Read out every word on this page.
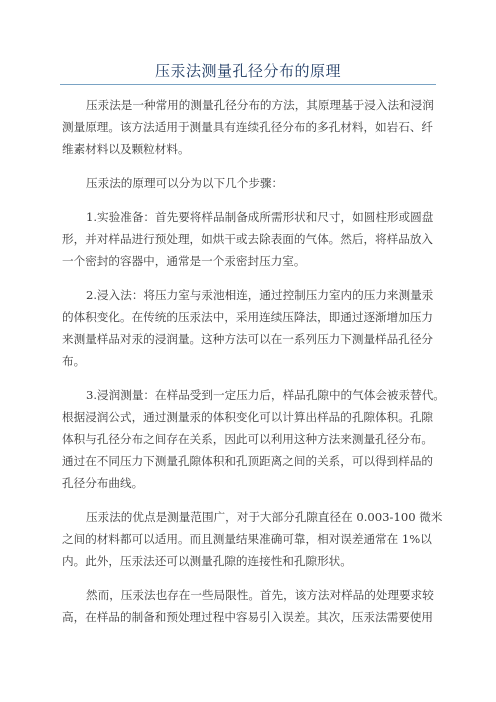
压汞法测量孔径分布的原理
压汞法是一种常用的测量孔径分布的方法，其原理基于浸入法和浸润
测量原理。该方法适用于测量具有连续孔径分布的多孔材料，如岩石、纤
维素材料以及颗粒材料。
压汞法的原理可以分为以下几个步骤：
1.实验准备：首先要将样品制备成所需形状和尺寸，如圆柱形或圆盘
形，并对样品进行预处理，如烘干或去除表面的气体。然后，将样品放入
一个密封的容器中，通常是一个汞密封压力室。
2.浸入法：将压力室与汞池相连，通过控制压力室内的压力来测量汞
的体积变化。在传统的压汞法中，采用连续压降法，即通过逐渐增加压力
来测量样品对汞的浸润量。这种方法可以在一系列压力下测量样品孔径分
布。
3.浸润测量：在样品受到一定压力后，样品孔隙中的气体会被汞替代。
根据浸润公式，通过测量汞的体积变化可以计算出样品的孔隙体积。孔隙
体积与孔径分布之间存在关系，因此可以利用这种方法来测量孔径分布。
通过在不同压力下测量孔隙体积和孔顶距离之间的关系，可以得到样品的
孔径分布曲线。
压汞法的优点是测量范围广，对于大部分孔隙直径在 0.003-100 微米
之间的材料都可以适用。而且测量结果准确可靠，相对误差通常在 1%以
内。此外，压汞法还可以测量孔隙的连接性和孔隙形状。
然而，压汞法也存在一些局限性。首先，该方法对样品的处理要求较
高，在样品的制备和预处理过程中容易引入误差。其次，压汞法需要使用
